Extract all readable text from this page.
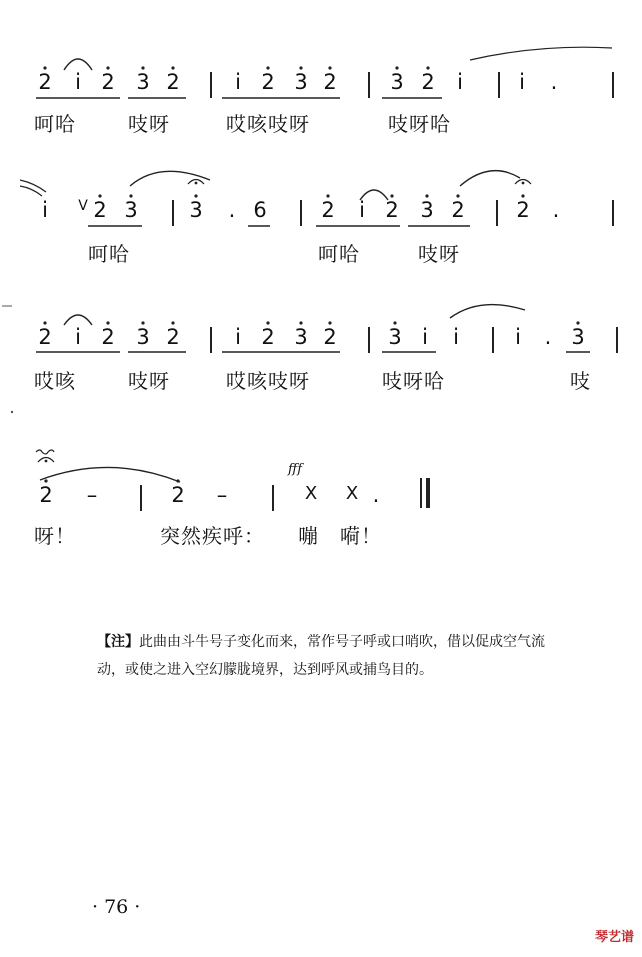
2	i 2 3 2	i 2 3 2	3 2	i	i	.
呵哈	吱呀	哎咳吱呀	吱呀哈
i	V 2 3 3	. 6	2	i 2 3 2 2	.
呵哈	呵哈	吱呀
2	i 2 3 2	i 2 3 2 3 i	i	i	. 3
哎咳	吱呀	哎咳吱呀	吱呀哈	吱
2 –	2 –	X X .
fff
呀！	突然疾呼： 嘣 嗬！
【注】此曲由斗牛号子变化而来，常作号子呼或口哨吹，借以促成空气流动，或使之进入空幻朦胧境界，达到呼风或捕鸟目的。
· 76 ·
琴艺谱
